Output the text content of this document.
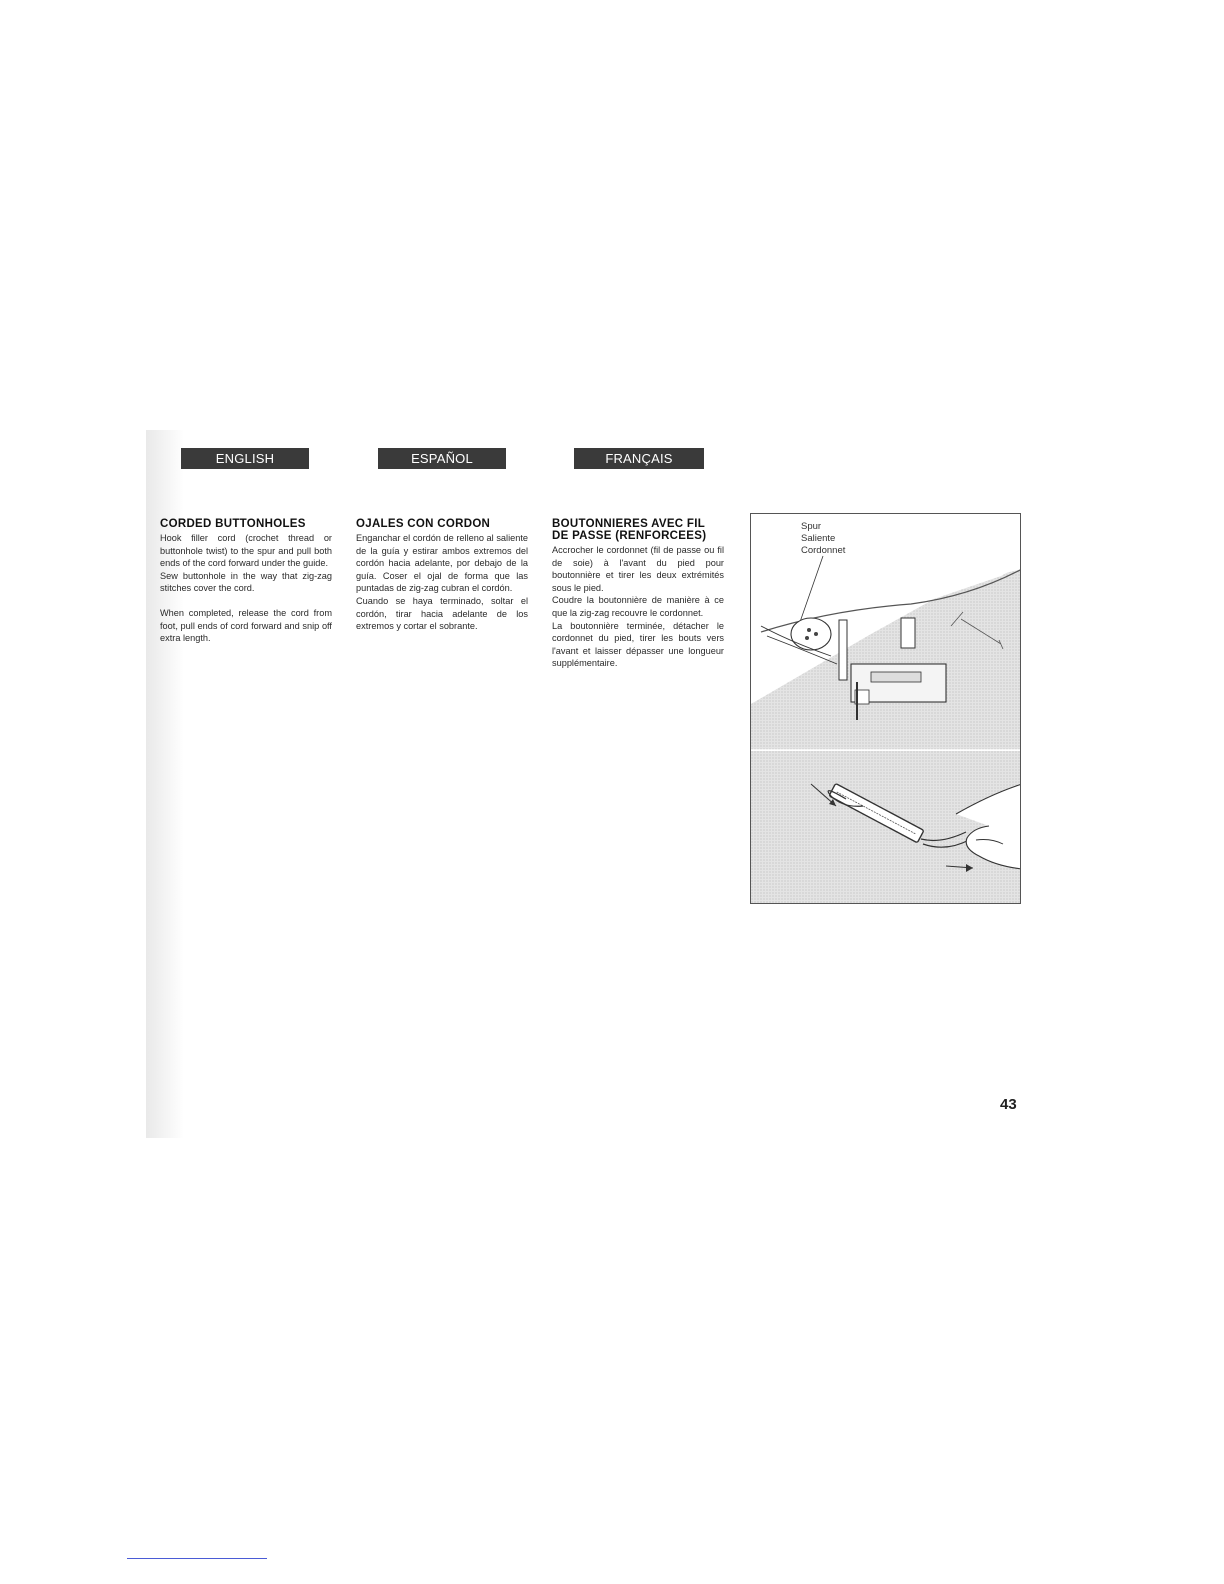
ENGLISH	ESPAÑOL	FRANÇAIS
CORDED BUTTONHOLES

Hook filler cord (crochet thread or buttonhole twist) to the spur and pull both ends of the cord forward under the guide.

Sew buttonhole in the way that zig-zag stitches cover the cord.

When completed, release the cord from foot, pull ends of cord forward and snip off extra length.

OJALES CON CORDON

Enganchar el cordón de relleno al saliente de la guía y estirar ambos extremos del cordón hacia adelante, por debajo de la guía. Coser el ojal de forma que las puntadas de zig-zag cubran el cordón.

Cuando se haya terminado, soltar el cordón, tirar hacia adelante de los extremos y cortar el sobrante.

BOUTONNIERES AVEC FIL DE PASSE (RENFORCEES)

Accrocher le cordonnet (fil de passe ou fil de soie) à l'avant du pied pour boutonnière et tirer les deux extrémités sous le pied.

Coudre la boutonnière de manière à ce que la zig-zag recouvre le cordonnet.

La boutonnière terminée, détacher le cordonnet du pied, tirer les bouts vers l'avant et laisser dépasser une longueur supplémentaire.

Spur
Saliente
Cordonnet
43
